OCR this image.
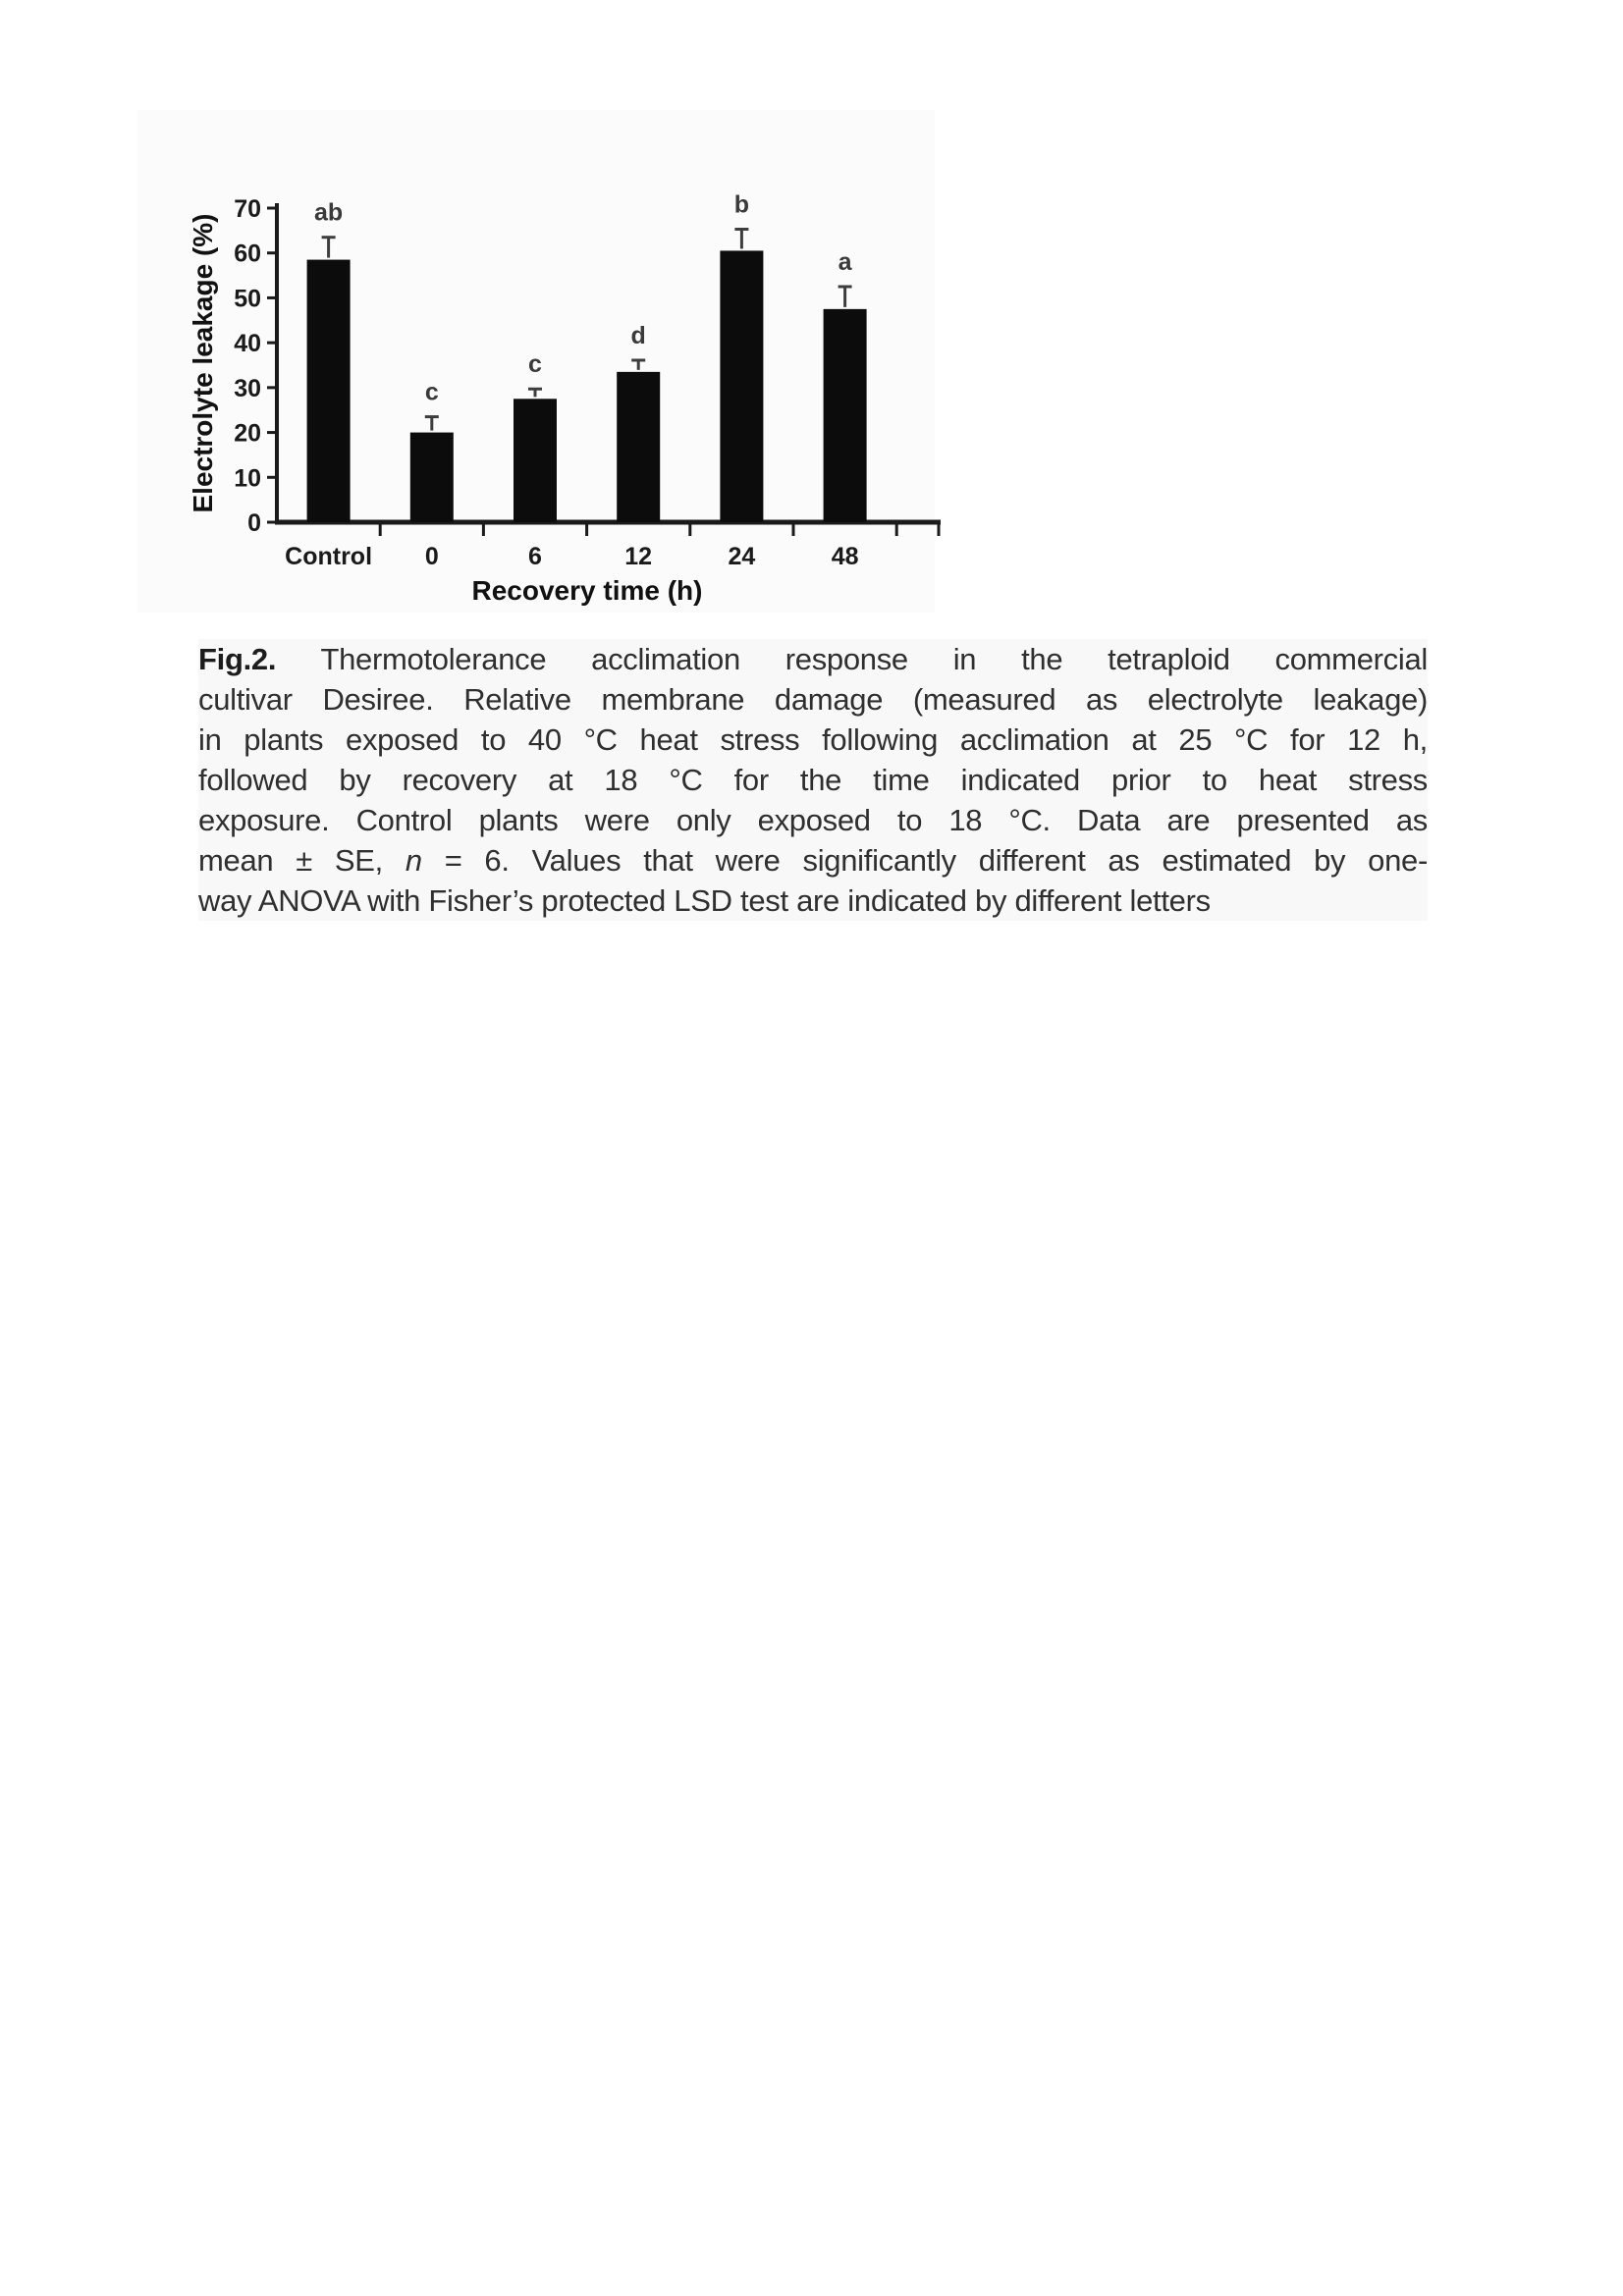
0
10
20
30
40
50
60
70 ab
Control
c
0
c
6
d
12
b
24
a
48
Recovery time (h)
Electrolyte leakage (%)
Fig.2. Thermotolerance acclimation response in the tetraploid commercial
cultivar Desiree. Relative membrane damage (measured as electrolyte leakage)
in plants exposed to 40 °C heat stress following acclimation at 25 °C for 12 h,
followed by recovery at 18 °C for the time indicated prior to heat stress
exposure. Control plants were only exposed to 18 °C. Data are presented as
mean ± SE, n = 6. Values that were significantly different as estimated by one-
way ANOVA with Fisher’s protected LSD test are indicated by different letters
